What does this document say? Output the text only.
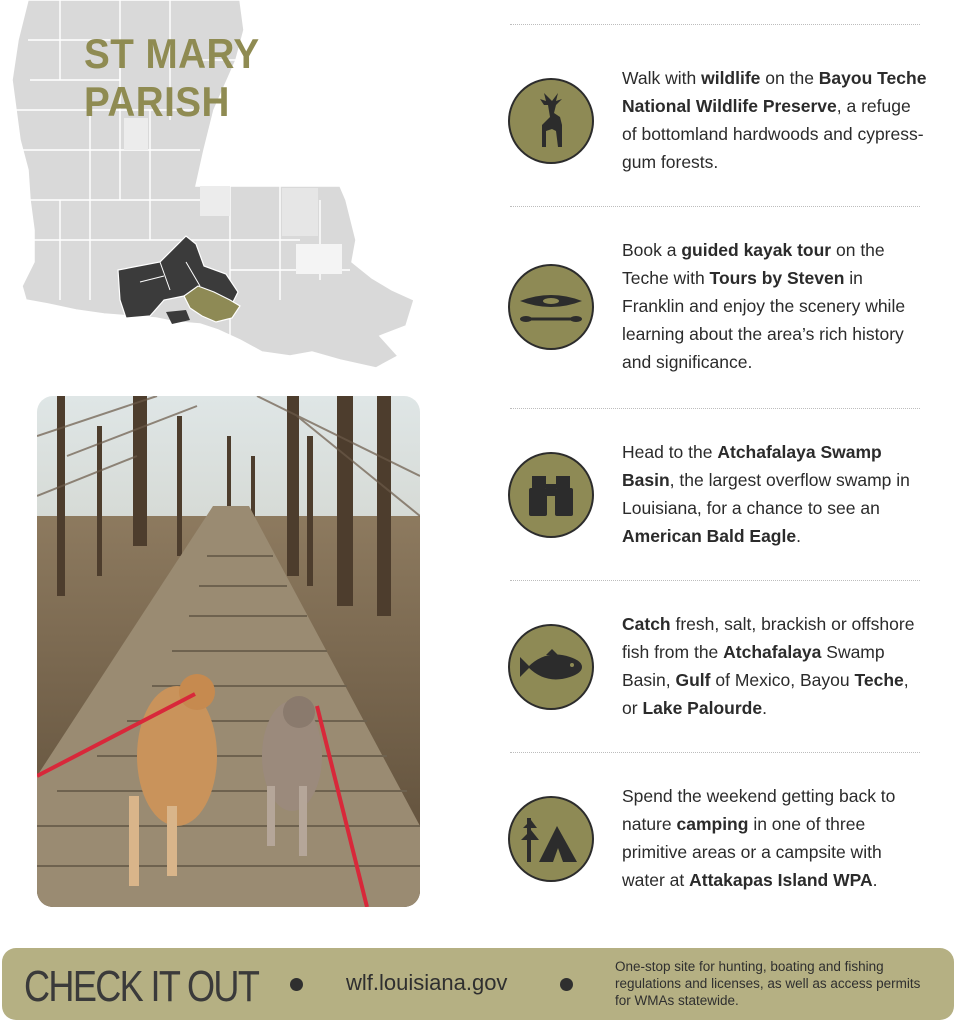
ST MARY PARISH	Walk with wildlife on the Bayou Teche National Wildlife Preserve, a refuge of bottomland hardwoods and cypress-gum forests.
Book a guided kayak tour on the Teche with Tours by Steven in Franklin and enjoy the scenery while learning about the area’s rich history and significance.
Head to the Atchafalaya Swamp Basin, the largest overflow swamp in Louisiana, for a chance to see an American Bald Eagle.
Catch fresh, salt, brackish or offshore fish from the Atchafalaya Swamp Basin, Gulf of Mexico, Bayou Teche, or Lake Palourde.
Spend the weekend getting back to nature camping in one of three primitive areas or a campsite with water at Attakapas Island WPA.
CHECK IT OUT	wlf.louisiana.gov
One-stop site for hunting, boating and fishing regulations and licenses, as well as access permits for WMAs statewide.
